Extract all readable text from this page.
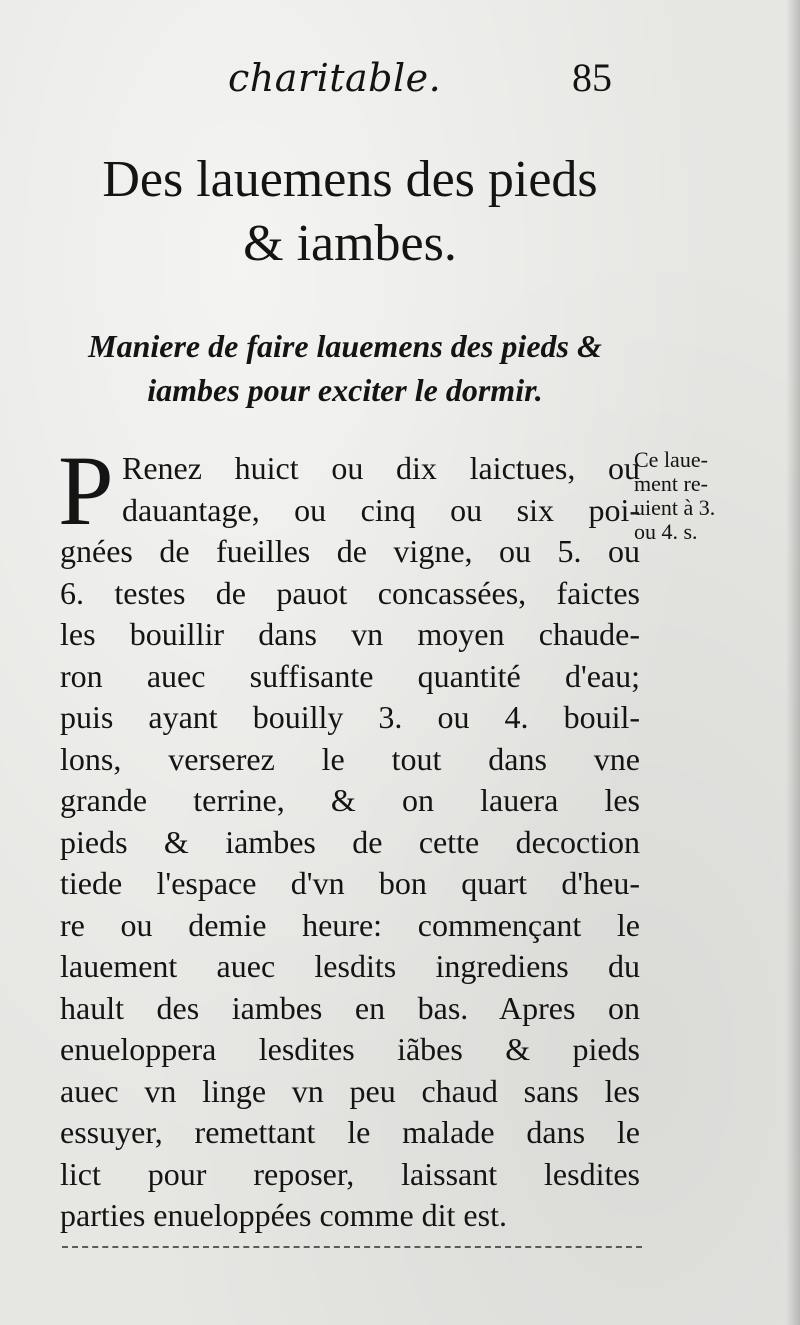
charitable.	85
Des lauemens des pieds
& iambes.
Maniere de faire lauemens des pieds &
iambes pour exciter le dormir.
P Renez huict ou dix laictues, ou
dauantage, ou cinq ou six poi-
gnées de fueilles de vigne, ou 5. ou
6. testes de pauot concassées, faictes
les bouillir dans vn moyen chaude-
ron auec suffisante quantité d'eau;
puis ayant bouilly 3. ou 4. bouil-
lons, verserez le tout dans vne
grande terrine, & on lauera les
pieds & iambes de cette decoction
tiede l'espace d'vn bon quart d'heu-
re ou demie heure: commençant le
lauement auec lesdits ingrediens du
hault des iambes en bas. Apres on
enueloppera lesdites iãbes & pieds
auec vn linge vn peu chaud sans les
essuyer, remettant le malade dans le
lict pour reposer, laissant lesdites
parties enueloppées comme dit est.
Ce laue-
ment re-
uient à 3.
ou 4. s.
